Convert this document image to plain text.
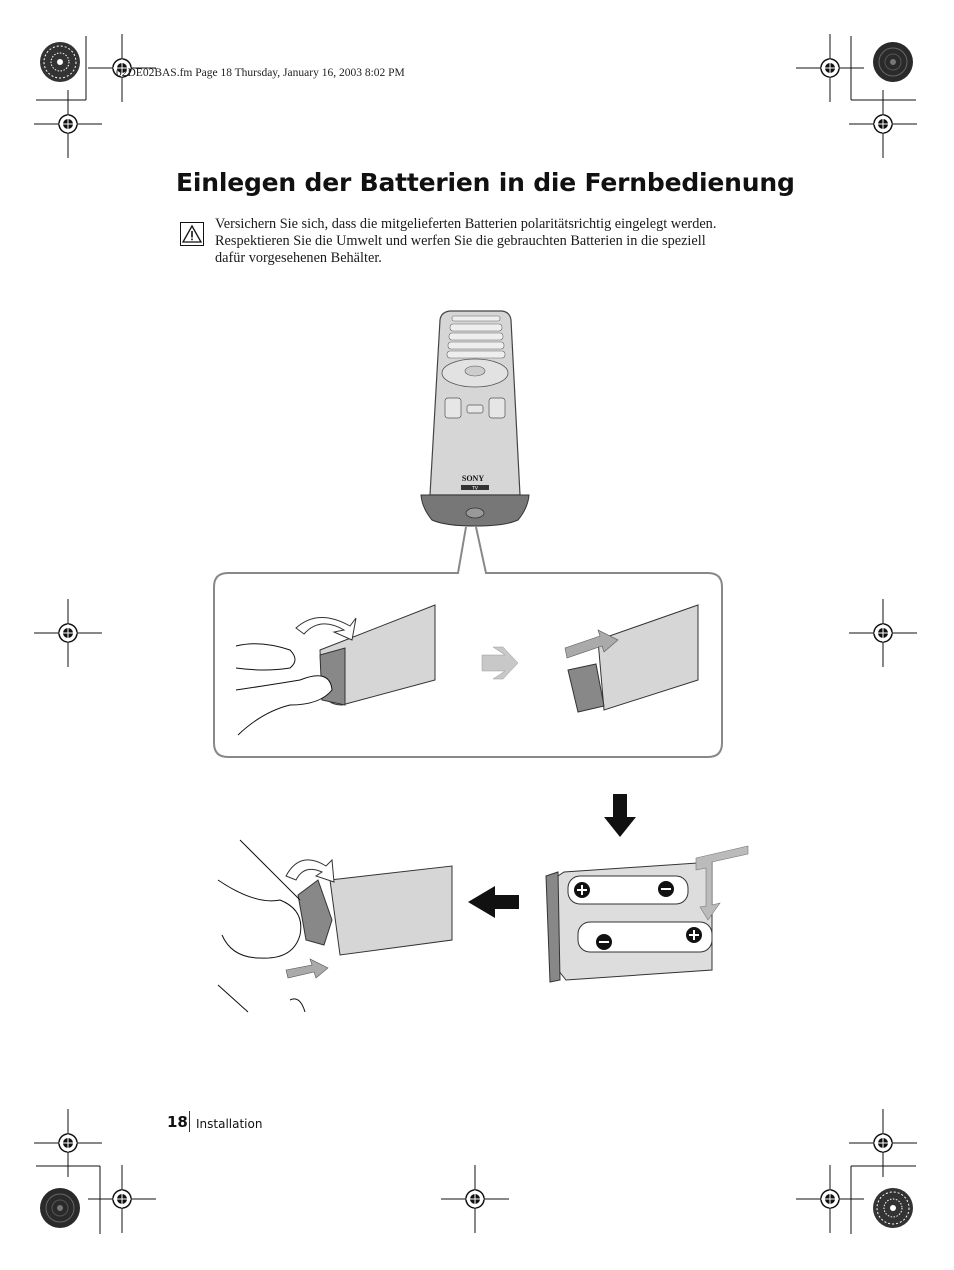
SONY
TV
02DE02BAS.fm Page 18 Thursday, January 16, 2003 8:02 PM
Einlegen der Batterien in die Fernbedienung

Versichern Sie sich, dass die mitgelieferten Batterien polaritätsrichtig eingelegt werden.

Respektieren Sie die Umwelt und werfen Sie die gebrauchten Batterien in die speziell

dafür vorgesehenen Behälter.

18 Installation
